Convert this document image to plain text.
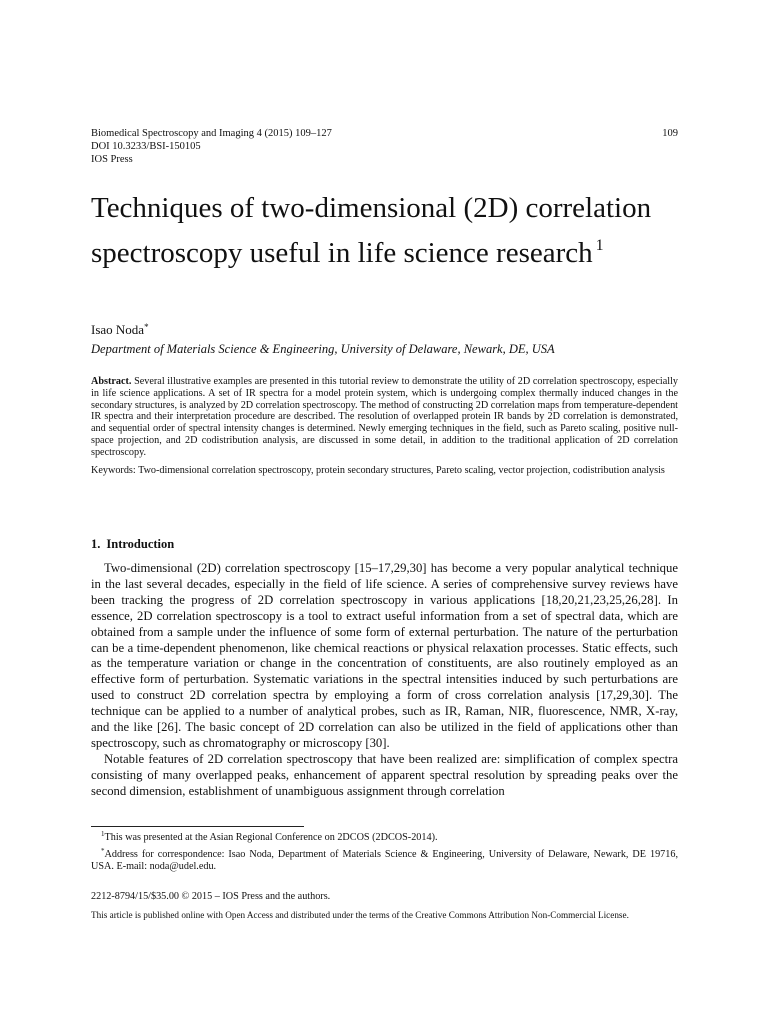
Biomedical Spectroscopy and Imaging 4 (2015) 109–127
DOI 10.3233/BSI-150105
IOS Press
109
Techniques of two-dimensional (2D) correlation spectroscopy useful in life science research $^1$
Isao Noda*
Department of Materials Science & Engineering, University of Delaware, Newark, DE, USA
Abstract. Several illustrative examples are presented in this tutorial review to demonstrate the utility of 2D correlation spectroscopy, especially in life science applications. A set of IR spectra for a model protein system, which is undergoing complex thermally induced changes in the secondary structures, is analyzed by 2D correlation spectroscopy. The method of constructing 2D correlation maps from temperature-dependent IR spectra and their interpretation procedure are described. The resolution of overlapped protein IR bands by 2D correlation is demonstrated, and sequential order of spectral intensity changes is determined. Newly emerging techniques in the field, such as Pareto scaling, positive null-space projection, and 2D codistribution analysis, are discussed in some detail, in addition to the traditional application of 2D correlation spectroscopy.
Keywords: Two-dimensional correlation spectroscopy, protein secondary structures, Pareto scaling, vector projection, codistribution analysis
1. Introduction

Two-dimensional (2D) correlation spectroscopy [15–17,29,30] has become a very popular analytical technique in the last several decades, especially in the field of life science. A series of comprehensive survey reviews have been tracking the progress of 2D correlation spectroscopy in various applications [18,20,21,23,25,26,28]. In essence, 2D correlation spectroscopy is a tool to extract useful information from a set of spectral data, which are obtained from a sample under the influence of some form of external perturbation. The nature of the perturbation can be a time-dependent phenomenon, like chemical reactions or physical relaxation processes. Static effects, such as the temperature variation or change in the concentration of constituents, are also routinely employed as an effective form of perturbation. Systematic variations in the spectral intensities induced by such perturbations are used to construct 2D correlation spectra by employing a form of cross correlation analysis [17,29,30]. The technique can be applied to a number of analytical probes, such as IR, Raman, NIR, fluorescence, NMR, X-ray, and the like [26]. The basic concept of 2D correlation can also be utilized in the field of applications other than spectroscopy, such as chromatography or microscopy [30].

Notable features of 2D correlation spectroscopy that have been realized are: simplification of complex spectra consisting of many overlapped peaks, enhancement of apparent spectral resolution by spreading peaks over the second dimension, establishment of unambiguous assignment through correlation

$^1$This was presented at the Asian Regional Conference on 2DCOS (2DCOS-2014).

*Address for correspondence: Isao Noda, Department of Materials Science & Engineering, University of Delaware, Newark, DE 19716, USA. E-mail: noda@udel.edu.

2212-8794/15/$35.00 © 2015 – IOS Press and the authors.
This article is published online with Open Access and distributed under the terms of the Creative Commons Attribution Non-Commercial License.
